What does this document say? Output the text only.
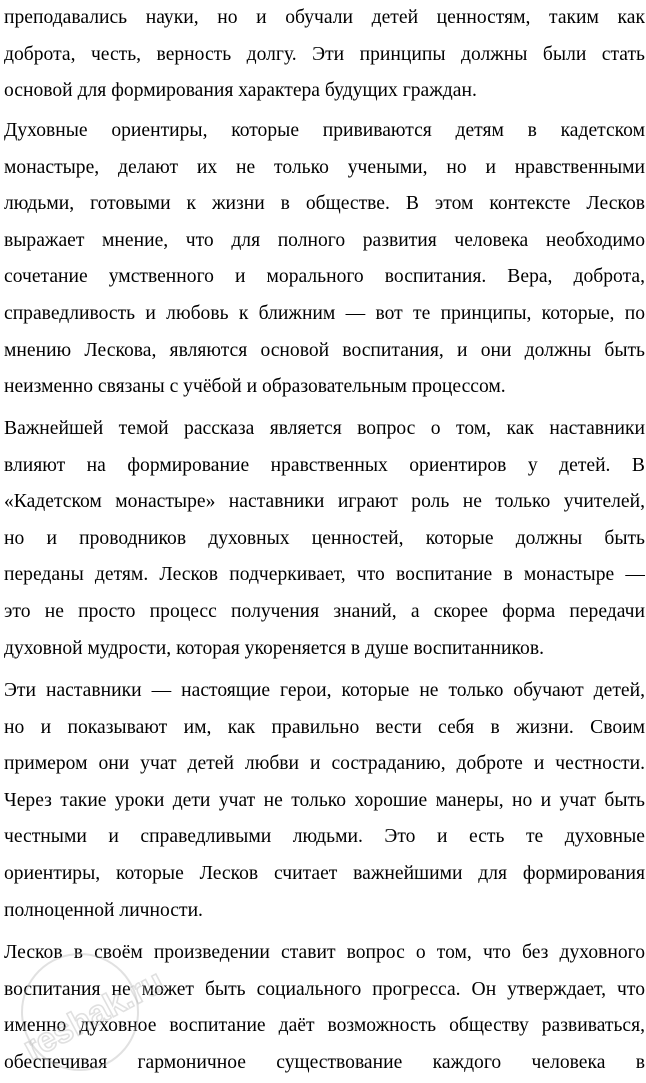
преподавались науки, но и обучали детей ценностям, таким как
доброта, честь, верность долгу. Эти принципы должны были стать
основой для формирования характера будущих граждан.
Духовные ориентиры, которые прививаются детям в кадетском
монастыре, делают их не только учеными, но и нравственными
людьми, готовыми к жизни в обществе. В этом контексте Лесков
выражает мнение, что для полного развития человека необходимо
сочетание умственного и морального воспитания. Вера, доброта,
справедливость и любовь к ближним — вот те принципы, которые, по
мнению Лескова, являются основой воспитания, и они должны быть
неизменно связаны с учёбой и образовательным процессом.
Важнейшей темой рассказа является вопрос о том, как наставники
влияют на формирование нравственных ориентиров у детей. В
«Кадетском монастыре» наставники играют роль не только учителей,
но и проводников духовных ценностей, которые должны быть
переданы детям. Лесков подчеркивает, что воспитание в монастыре —
это не просто процесс получения знаний, а скорее форма передачи
духовной мудрости, которая укореняется в душе воспитанников.
Эти наставники — настоящие герои, которые не только обучают детей,
но и показывают им, как правильно вести себя в жизни. Своим
примером они учат детей любви и состраданию, доброте и честности.
Через такие уроки дети учат не только хорошие манеры, но и учат быть
честными и справедливыми людьми. Это и есть те духовные
ориентиры, которые Лесков считает важнейшими для формирования
полноценной личности.
Лесков в своём произведении ставит вопрос о том, что без духовного
воспитания не может быть социального прогресса. Он утверждает, что
именно духовное воспитание даёт возможность обществу развиваться,
обеспечивая гармоничное существование каждого человека в
reshak.ru
